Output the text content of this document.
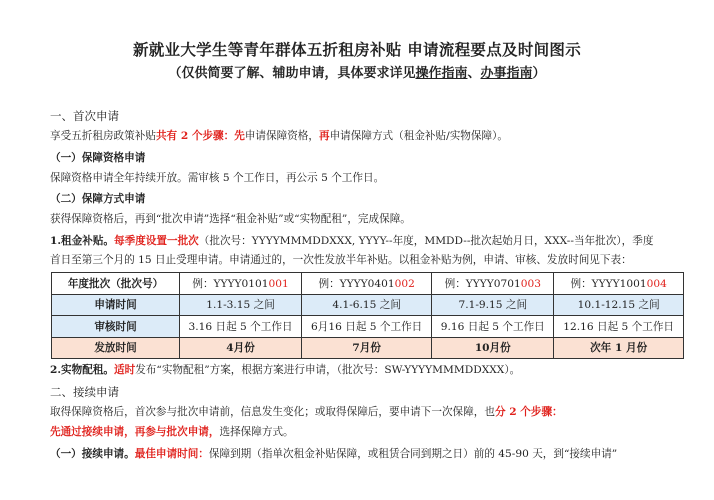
新就业大学生等青年群体五折租房补贴 申请流程要点及时间图示
（仅供简要了解、辅助申请，具体要求详见操作指南、办事指南）
一、首次申请
享受五折租房政策补贴共有 2 个步骤：先申请保障资格，再申请保障方式（租金补贴/实物保障）。
（一）保障资格申请
保障资格申请全年持续开放。需审核 5 个工作日，再公示 5 个工作日。
（二）保障方式申请
获得保障资格后，再到“批次申请”选择“租金补贴”或“实物配租”，完成保障。
1.租金补贴。每季度设置一批次（批次号：YYYYMMMDDXXX, YYYY--年度，MMDD--批次起始月日，XXX--当年批次），季度
首日至第三个月的 15 日止受理申请。申请通过的，一次性发放半年补贴。以租金补贴为例，申请、审核、发放时间见下表：
年度批次（批次号）	例：YYYY0101001	例：YYYY0401002	例：YYYY0701003	例：YYYY1001004
申请时间	1.1-3.15 之间	4.1-6.15 之间	7.1-9.15 之间	10.1-12.15 之间
审核时间	3.16 日起 5 个工作日	6月16 日起 5 个工作日	9.16 日起 5 个工作日	12.16 日起 5 个工作日
发放时间	4月份	7月份	10月份	次年 1 月份
2.实物配租。适时发布“实物配租”方案，根据方案进行申请，（批次号：SW-YYYYMMMDDXXX）。
二、接续申请
取得保障资格后，首次参与批次申请前，信息发生变化；或取得保障后，要申请下一次保障，也分 2 个步骤：
先通过接续申请，再参与批次申请，选择保障方式。
（一）接续申请。最佳申请时间：保障到期（指单次租金补贴保障，或租赁合同到期之日）前的 45-90 天，到“接续申请”
